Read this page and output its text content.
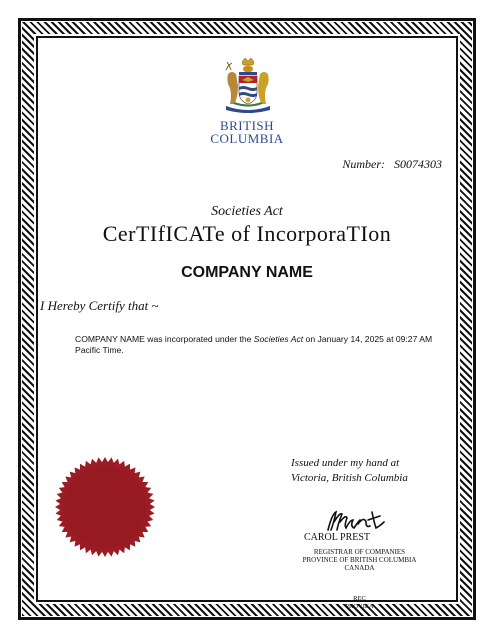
BRITISH
COLUMBIA
Number: S0074303
Societies Act
CerTIfICATe of IncorporaTIon
COMPANY NAME
I Hereby Certify that ~
COMPANY NAME was incorporated under the Societies Act on January 14, 2025 at 09:27 AM Pacific Time.
Issued under my hand at
Victoria, British Columbia
CAROL PREST
REGISTRAR OF COMPANIES
PROVINCE OF BRITISH COLUMBIA
CANADA
REC
PROVIEA
